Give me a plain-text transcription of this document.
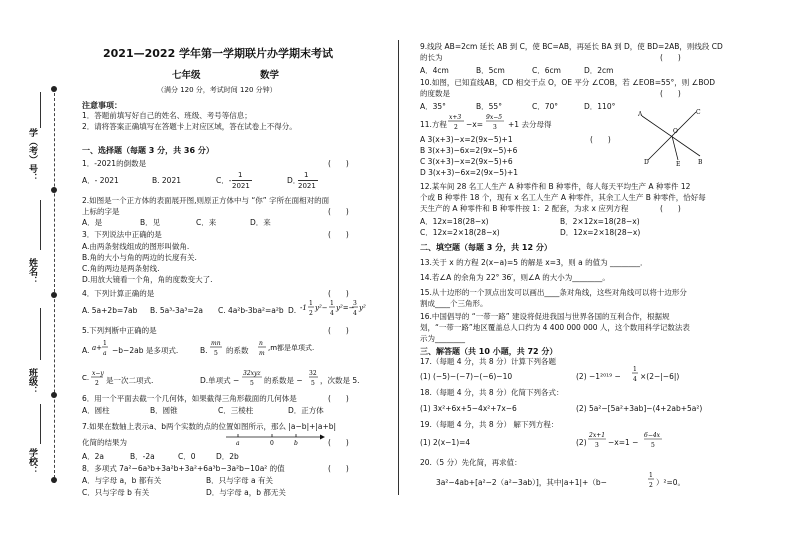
学（考）号：
姓名：
班级：
学校：
2021—2022 学年第一学期联片办学期末考试
七年级	数学
（满分 120 分，考试时间 120 分钟）
注意事项：
1．答题前填写好自己的姓名、班级、考号等信息；
2．请将答案正确填写在答题卡上对应区域，答在试卷上不得分。
一、选择题（每题 3 分，共 36 分）
1．-2021的倒数是	(　　)
A．- 2021	B. 2021	C．-
1
2021
D．
1
2021
2.如图是一个正方体的表面展开图,则原正方体中与 “你” 字所在面相对的面
上标的字是	(　　)
A．是	B．见	C．来	D．来
3．下列说法中正确的是	(　　)
A.由两条射线组成的图形叫做角.
B.角的大小与角的两边的长度有关.
C.角的两边是两条射线.
D.用放大镜看一个角，角的度数变大了.
4．下列计算正确的是	(　　)
A. 5a+2b=7ab B. 5a³-3a³=2a C. 4a²b-3ba²=a²b D. -1
1
2
y²−
1
4
y²=−
3
4
y²
5.下列判断中正确的是	(　　)
A. a+
1
a −b−2ab 是多项式.	B.
mn
5 的系数
n
m
,m都是单项式.
C.
x−y
2 是一次二项式.	D.单项式 −
32xyz
5 的系数是 −
32
5 ，次数是 5.
6．用一个平面去截一个几何体，如果截得三角形截面的几何体是	(　　)
A．圆柱	B．圆锥	C．三棱柱	D．正方体
7.如果在数轴上表示a、b两个实数的点的位置如图所示，那么 |a−b|+|a+b|
化简的结果为	a	0	b	(　　)
A．2a	B．-2a	C．0	D．2b
8．多项式 7a²−6a³b+3a²b+3a²+6a³b−3a²b−10a² 的值	(　　)
A．与字母 a，b 都有关	B．只与字母 a 有关
C．只与字母 b 有关	D．与字母 a，b 都无关
9.线段 AB=2cm 延长 AB 到 C，使 BC=AB，再延长 BA 到 D，使 BD=2AB，则线段 CD
的长为	(　　)
A．4cm	B．5cm	C．6cm	D．2cm
10.如图，已知直线AB，CD 相交于点 O，OE 平分 ∠COB，若 ∠EOB=55°，则 ∠BOD
的度数是	(　　)
A．35°	B．55°	C．70°	D．110°
A
B
C
D	E
O
11.方程
x+3
2 −x=
9x−5
3 +1 去分母得
(　　)
A 3(x+3)−x=2(9x−5)+1
B 3(x+3)−6x=2(9x−5)+6
C 3(x+3)−x=2(9x−5)+6
D 3(x+3)−6x=2(9x−5)+1
12.某车间 28 名工人生产 A 种零件和 B 种零件，每人每天平均生产 A 种零件 12
个或 B 种零件 18 个，现有 x 名工人生产 A 种零件，其余工人生产 B 种零件，恰好每
天生产的 A 种零件和 B 种零件按 1：2 配套，为求 x 应列方程	(　　)
A．12x=18(28−x)	B．2×12x=18(28−x)
C．12x=2×18(28−x)	D．12x=2×18(28−x)
二、填空题（每题 3 分，共 12 分）
13.关于 x 的方程 2(x−a)=5 的解是 x=3，则 a 的值为 ________．
14.若∠A 的余角为 22° 36′，则∠A 的大小为________。
15.从十边形的一个顶点出发可以画出____条对角线，这些对角线可以将十边形分
割成____个三角形。
16.中国倡导的 “一带一路” 建设将促进我国与世界各国的互利合作，根据规
划，“一带一路”地区覆盖总人口约为 4 400 000 000 人，这个数用科学记数法表
示为________
三、解答题（共 10 小题，共 72 分）
17.（每题 4 分，共 8 分）计算下列各题
(1) (−5)−(−7)−(−6)−10	(2) −1²⁰¹⁹ −
1
4 ×(2−|−6|)
18.（每题 4 分，共 8 分）化简下列各式：
(1) 3x²+6x+5−4x²+7x−6	(2) 5a²−[5a²+3ab]−(4+2ab+5a²)
19.（每题 4 分，共 8 分） 解下列方程：
(1) 2(x−1)=4	(2)
2x+1
3 −x=1 −
6−4x
5
20.（5 分）先化简，再求值：
3a²−4ab+[a²−2（a²−3ab）]，其中|a+1|+（b−
1
2 ）²=0。
